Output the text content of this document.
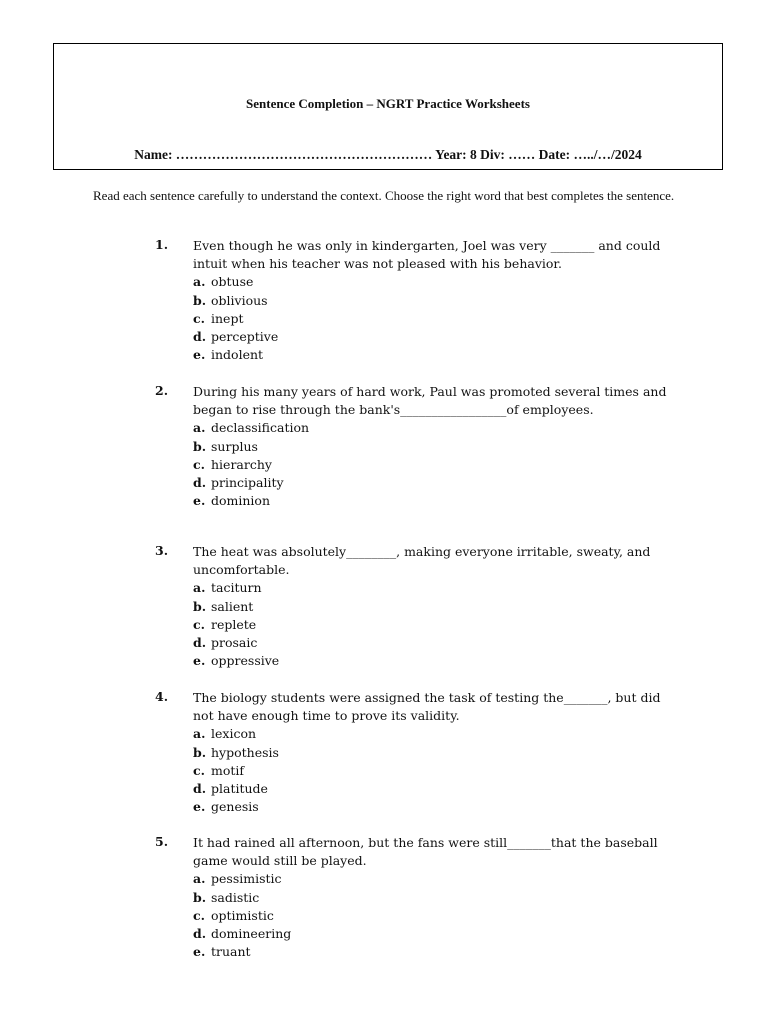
Sentence Completion – NGRT Practice Worksheets
Name: ………………………………………………… Year: 8 Div: …… Date: …../…/2024
Read each sentence carefully to understand the context. Choose the right word that best completes the sentence.
1. Even though he was only in kindergarten, Joel was very _______ and could intuit when his teacher was not pleased with his behavior.
a. obtuse
b. oblivious
c. inept
d. perceptive
e. indolent
2. During his many years of hard work, Paul was promoted several times and began to rise through the bank's_________________of employees.
a. declassification
b. surplus
c. hierarchy
d. principality
e. dominion
3. The heat was absolutely________, making everyone irritable, sweaty, and uncomfortable.
a. taciturn
b. salient
c. replete
d. prosaic
e. oppressive
4. The biology students were assigned the task of testing the_______, but did not have enough time to prove its validity.
a. lexicon
b. hypothesis
c. motif
d. platitude
e. genesis
5. It had rained all afternoon, but the fans were still_______that the baseball game would still be played.
a. pessimistic
b. sadistic
c. optimistic
d. domineering
e. truant
